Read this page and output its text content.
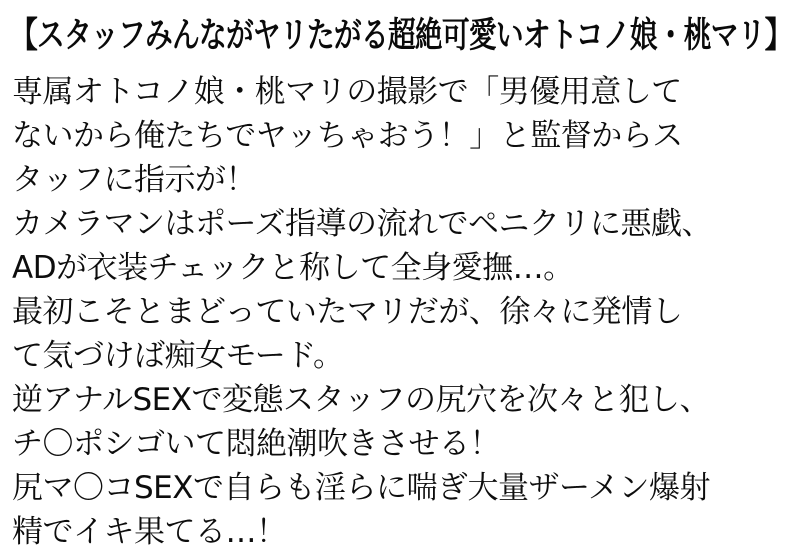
【スタッフみんながヤリたがる超絶可愛いオトコノ娘・桃マリ】
専属オトコノ娘・桃マリの撮影で「男優用意して
ないから俺たちでヤッちゃおう！」と監督からス
タッフに指示が！
カメラマンはポーズ指導の流れでペニクリに悪戯、
ADが衣装チェックと称して全身愛撫…。
最初こそとまどっていたマリだが、徐々に発情し
て気づけば痴女モード。
逆アナルSEXで変態スタッフの尻穴を次々と犯し、
チ〇ポシゴいて悶絶潮吹きさせる！
尻マ〇コSEXで自らも淫らに喘ぎ大量ザーメン爆射
精でイキ果てる…！
